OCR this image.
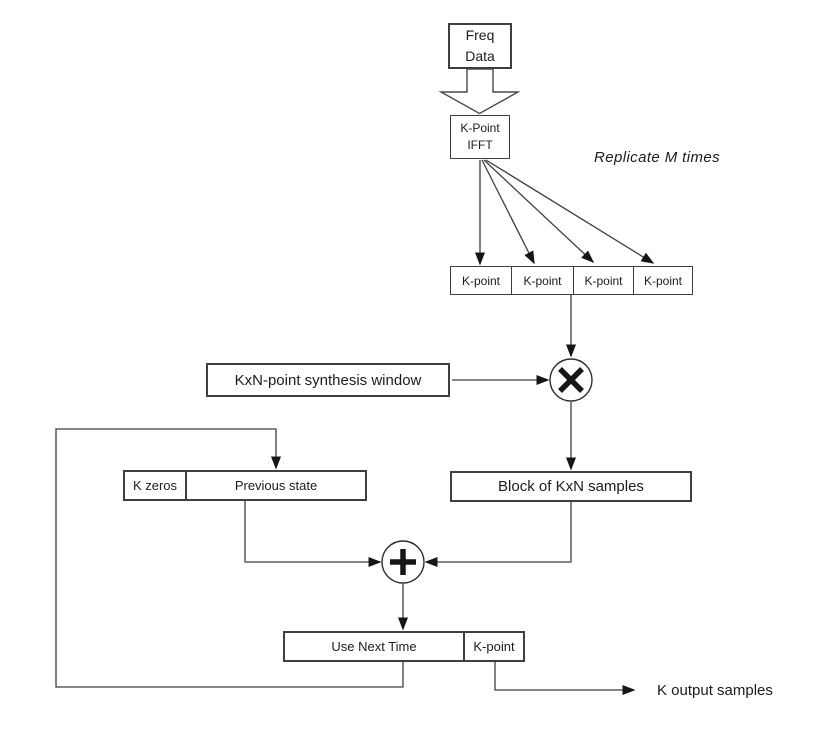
Freq
Data
K-Point
IFFT
Replicate M times
K-point	K-point	K-point	K-point
KxN-point synthesis window
Block of KxN samples
K zeros	Previous state
Use Next Time	K-point
K output samples
